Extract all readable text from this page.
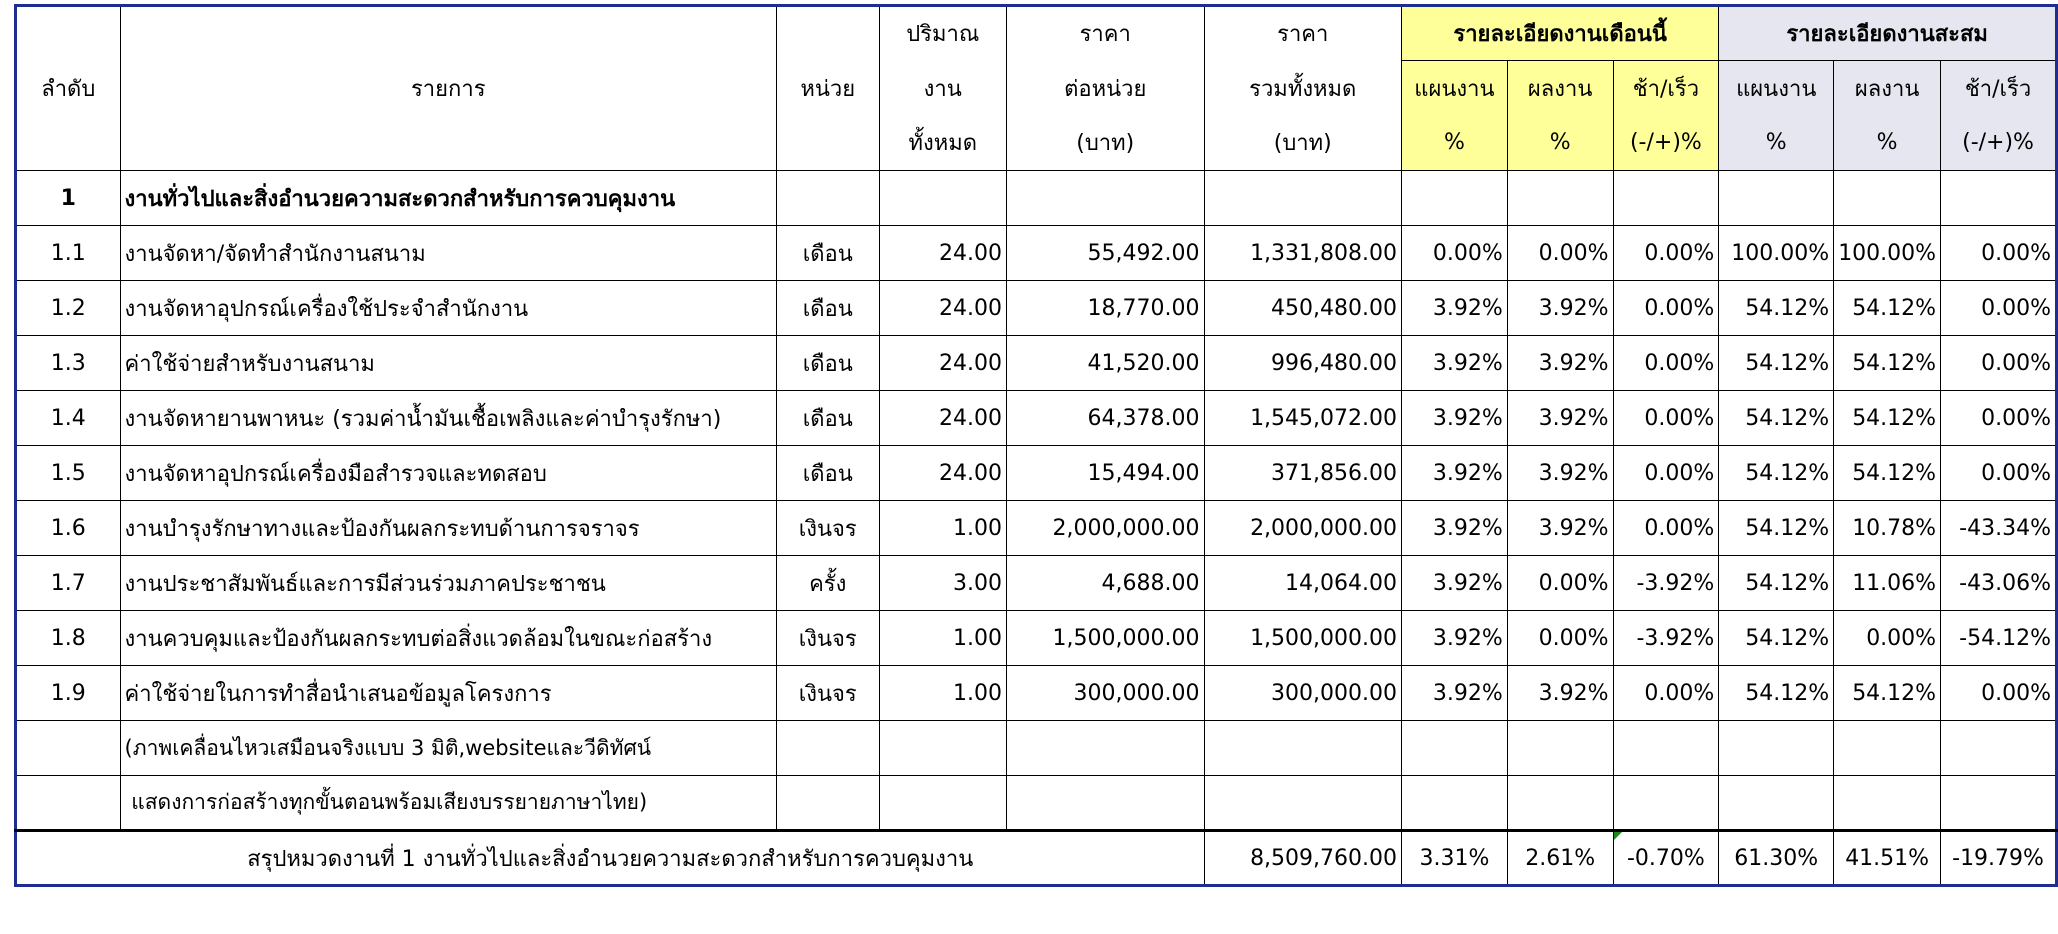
ลำดับ	รายการ	หน่วย	ปริมาณ	ราคา	ราคา	รายละเอียดงานเดือนนี้			รายละเอียดงานสะสม		
			งาน	ต่อหน่วย	รวมทั้งหมด	แผนงาน	ผลงาน	ช้า/เร็ว	แผนงาน	ผลงาน	ช้า/เร็ว
			ทั้งหมด	(บาท)	(บาท)	%	%	(-/+)%	%	%	(-/+)%
1	งานทั่วไปและสิ่งอำนวยความสะดวกสำหรับการควบคุมงาน										
1.1	งานจัดหา/จัดทำสำนักงานสนาม	เดือน	24.00	55,492.00	1,331,808.00	0.00%	0.00%	0.00%	100.00%	100.00%	0.00%
1.2	งานจัดหาอุปกรณ์เครื่องใช้ประจำสำนักงาน	เดือน	24.00	18,770.00	450,480.00	3.92%	3.92%	0.00%	54.12%	54.12%	0.00%
1.3	ค่าใช้จ่ายสำหรับงานสนาม	เดือน	24.00	41,520.00	996,480.00	3.92%	3.92%	0.00%	54.12%	54.12%	0.00%
1.4	งานจัดหายานพาหนะ (รวมค่าน้ำมันเชื้อเพลิงและค่าบำรุงรักษา)	เดือน	24.00	64,378.00	1,545,072.00	3.92%	3.92%	0.00%	54.12%	54.12%	0.00%
1.5	งานจัดหาอุปกรณ์เครื่องมือสำรวจและทดสอบ	เดือน	24.00	15,494.00	371,856.00	3.92%	3.92%	0.00%	54.12%	54.12%	0.00%
1.6	งานบำรุงรักษาทางและป้องกันผลกระทบด้านการจราจร	เงินจร	1.00	2,000,000.00	2,000,000.00	3.92%	3.92%	0.00%	54.12%	10.78%	-43.34%
1.7	งานประชาสัมพันธ์และการมีส่วนร่วมภาคประชาชน	ครั้ง	3.00	4,688.00	14,064.00	3.92%	0.00%	-3.92%	54.12%	11.06%	-43.06%
1.8	งานควบคุมและป้องกันผลกระทบต่อสิ่งแวดล้อมในขณะก่อสร้าง	เงินจร	1.00	1,500,000.00	1,500,000.00	3.92%	0.00%	-3.92%	54.12%	0.00%	-54.12%
1.9	ค่าใช้จ่ายในการทำสื่อนำเสนอข้อมูลโครงการ	เงินจร	1.00	300,000.00	300,000.00	3.92%	3.92%	0.00%	54.12%	54.12%	0.00%
	(ภาพเคลื่อนไหวเสมือนจริงแบบ 3 มิติ,websiteและวีดิทัศน์										
	แสดงการก่อสร้างทุกขั้นตอนพร้อมเสียงบรรยายภาษาไทย)										
สรุปหมวดงานที่ 1 งานทั่วไปและสิ่งอำนวยความสะดวกสำหรับการควบคุมงาน					8,509,760.00	3.31%	2.61%	-0.70%	61.30%	41.51%	-19.79%
